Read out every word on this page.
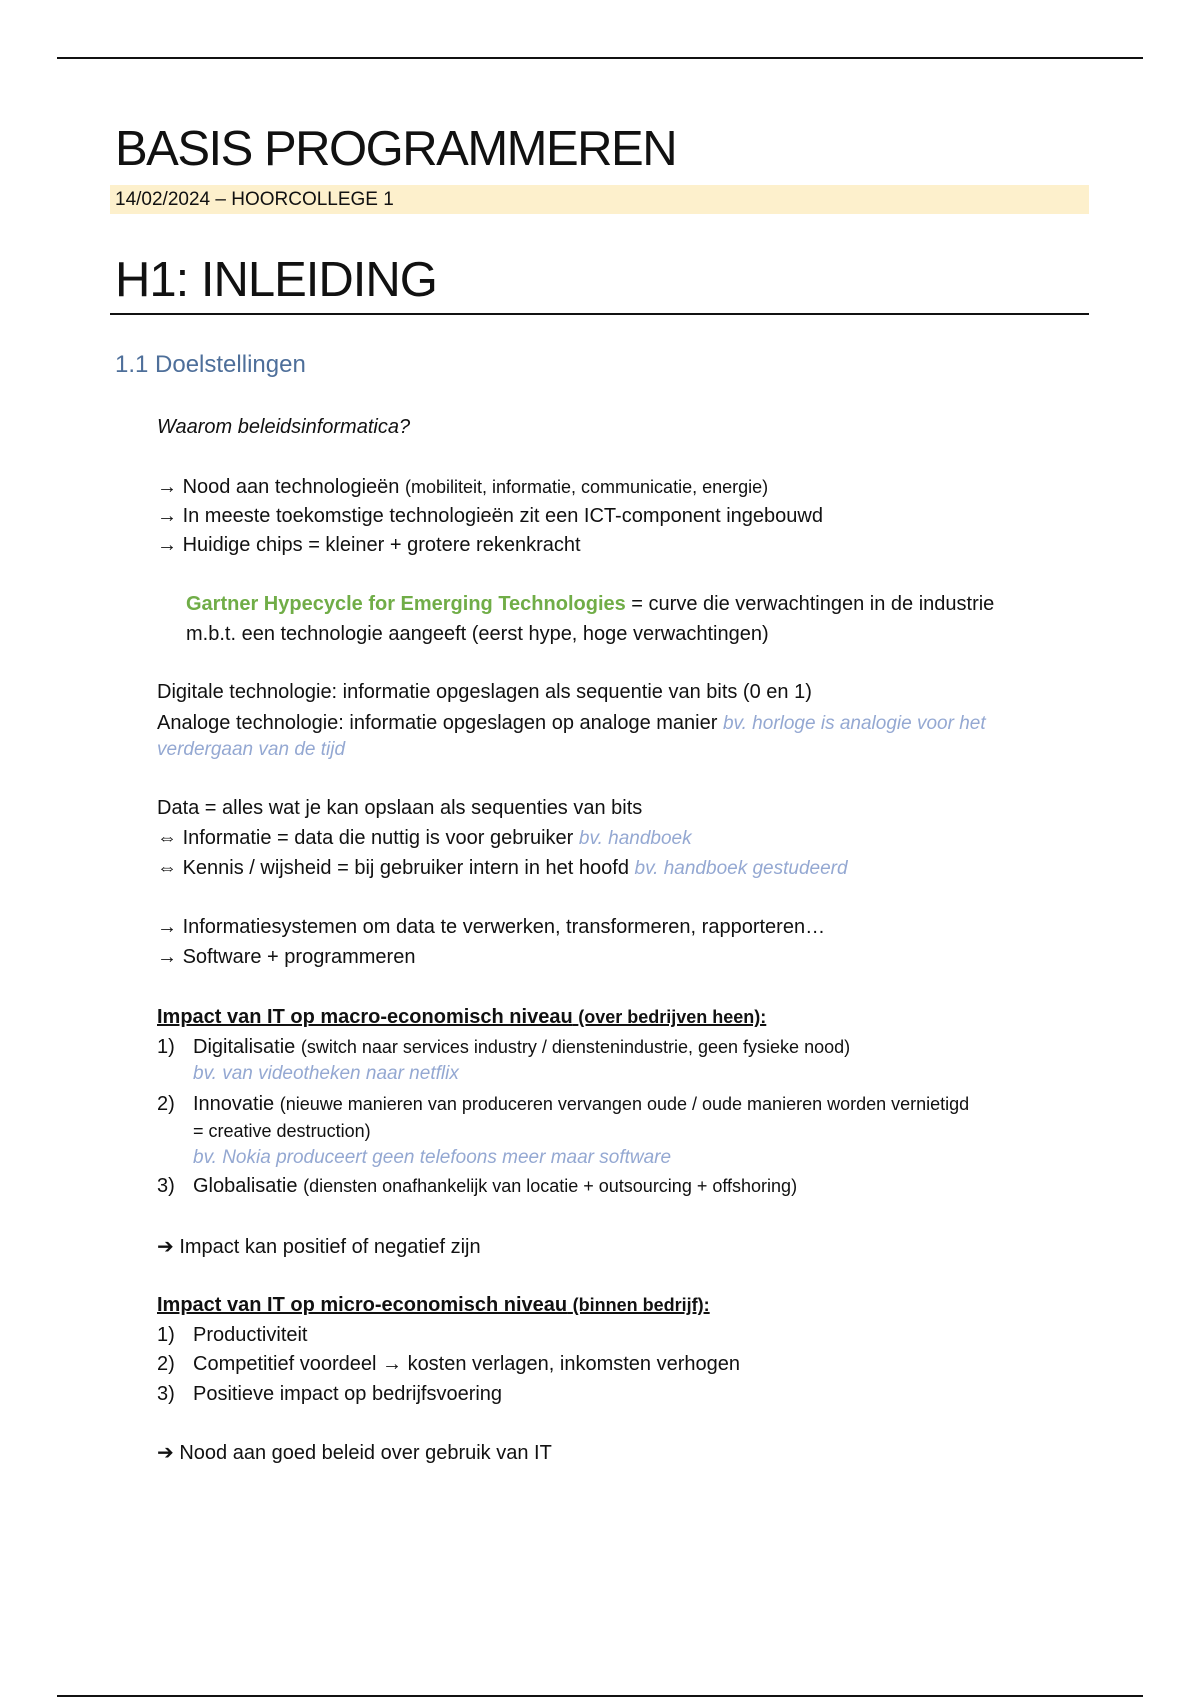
BASIS PROGRAMMEREN
14/02/2024 – HOORCOLLEGE 1
H1: INLEIDING
1.1 Doelstellingen
Waarom beleidsinformatica?
→ Nood aan technologieën (mobiliteit, informatie, communicatie, energie)
→ In meeste toekomstige technologieën zit een ICT-component ingebouwd
→ Huidige chips = kleiner + grotere rekenkracht
Gartner Hypecycle for Emerging Technologies = curve die verwachtingen in de industrie
m.b.t. een technologie aangeeft (eerst hype, hoge verwachtingen)
Digitale technologie: informatie opgeslagen als sequentie van bits (0 en 1)
Analoge technologie: informatie opgeslagen op analoge manier bv. horloge is analogie voor het
verdergaan van de tijd
Data = alles wat je kan opslaan als sequenties van bits
⇔ Informatie = data die nuttig is voor gebruiker bv. handboek
⇔ Kennis / wijsheid = bij gebruiker intern in het hoofd bv. handboek gestudeerd
→ Informatiesystemen om data te verwerken, transformeren, rapporteren…
→ Software + programmeren
Impact van IT op macro-economisch niveau (over bedrijven heen):
1) Digitalisatie (switch naar services industry / dienstenindustrie, geen fysieke nood)
bv. van videotheken naar netflix
2) Innovatie (nieuwe manieren van produceren vervangen oude / oude manieren worden vernietigd
= creative destruction)
bv. Nokia produceert geen telefoons meer maar software
3) Globalisatie (diensten onafhankelijk van locatie + outsourcing + offshoring)
➔ Impact kan positief of negatief zijn
Impact van IT op micro-economisch niveau (binnen bedrijf):
1) Productiviteit
2) Competitief voordeel → kosten verlagen, inkomsten verhogen
3) Positieve impact op bedrijfsvoering
➔ Nood aan goed beleid over gebruik van IT
